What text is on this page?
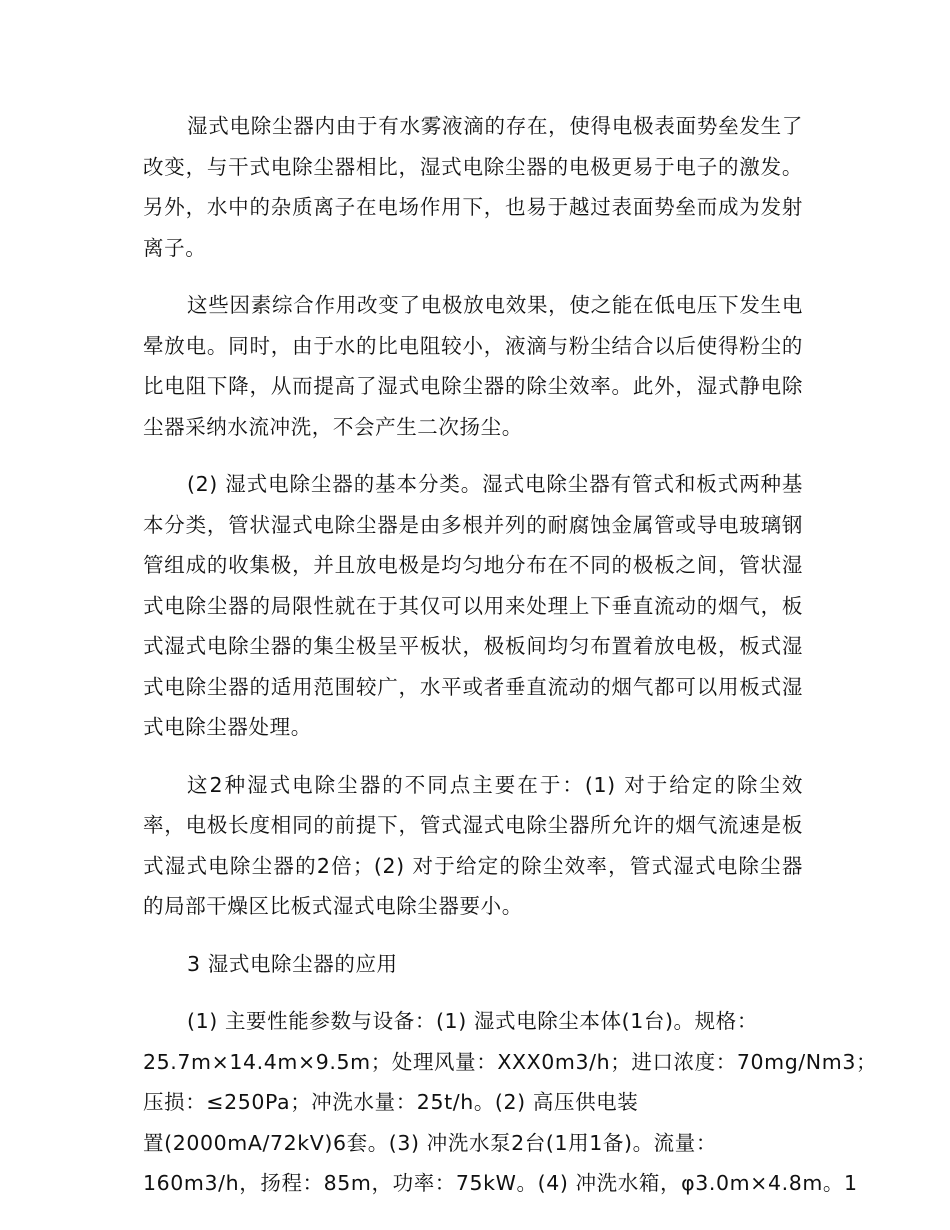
湿式电除尘器内由于有水雾液滴的存在，使得电极表面势垒发生了改变，与干式电除尘器相比，湿式电除尘器的电极更易于电子的激发。另外，水中的杂质离子在电场作用下，也易于越过表面势垒而成为发射离子。

这些因素综合作用改变了电极放电效果，使之能在低电压下发生电晕放电。同时，由于水的比电阻较小，液滴与粉尘结合以后使得粉尘的比电阻下降，从而提高了湿式电除尘器的除尘效率。此外，湿式静电除尘器采纳水流冲洗，不会产生二次扬尘。

(2) 湿式电除尘器的基本分类。湿式电除尘器有管式和板式两种基本分类，管状湿式电除尘器是由多根并列的耐腐蚀金属管或导电玻璃钢管组成的收集极，并且放电极是均匀地分布在不同的极板之间，管状湿式电除尘器的局限性就在于其仅可以用来处理上下垂直流动的烟气，板式湿式电除尘器的集尘极呈平板状，极板间均匀布置着放电极，板式湿式电除尘器的适用范围较广，水平或者垂直流动的烟气都可以用板式湿式电除尘器处理。

这2种湿式电除尘器的不同点主要在于：(1) 对于给定的除尘效率，电极长度相同的前提下，管式湿式电除尘器所允许的烟气流速是板式湿式电除尘器的2倍；(2) 对于给定的除尘效率，管式湿式电除尘器的局部干燥区比板式湿式电除尘器要小。

3 湿式电除尘器的应用

(1) 主要性能参数与设备：(1) 湿式电除尘本体(1台)。规格：
25.7m×14.4m×9.5m；处理风量：XXX0m3/h；进口浓度：70mg/Nm3；
压损：≤250Pa；冲洗水量：25t/h。(2) 高压供电装
置(2000mA/72kV)6套。(3) 冲洗水泵2台(1用1备)。流量：
160m3/h，扬程：85m，功率：75kW。(4) 冲洗水箱，φ3.0m×4.8m。1
